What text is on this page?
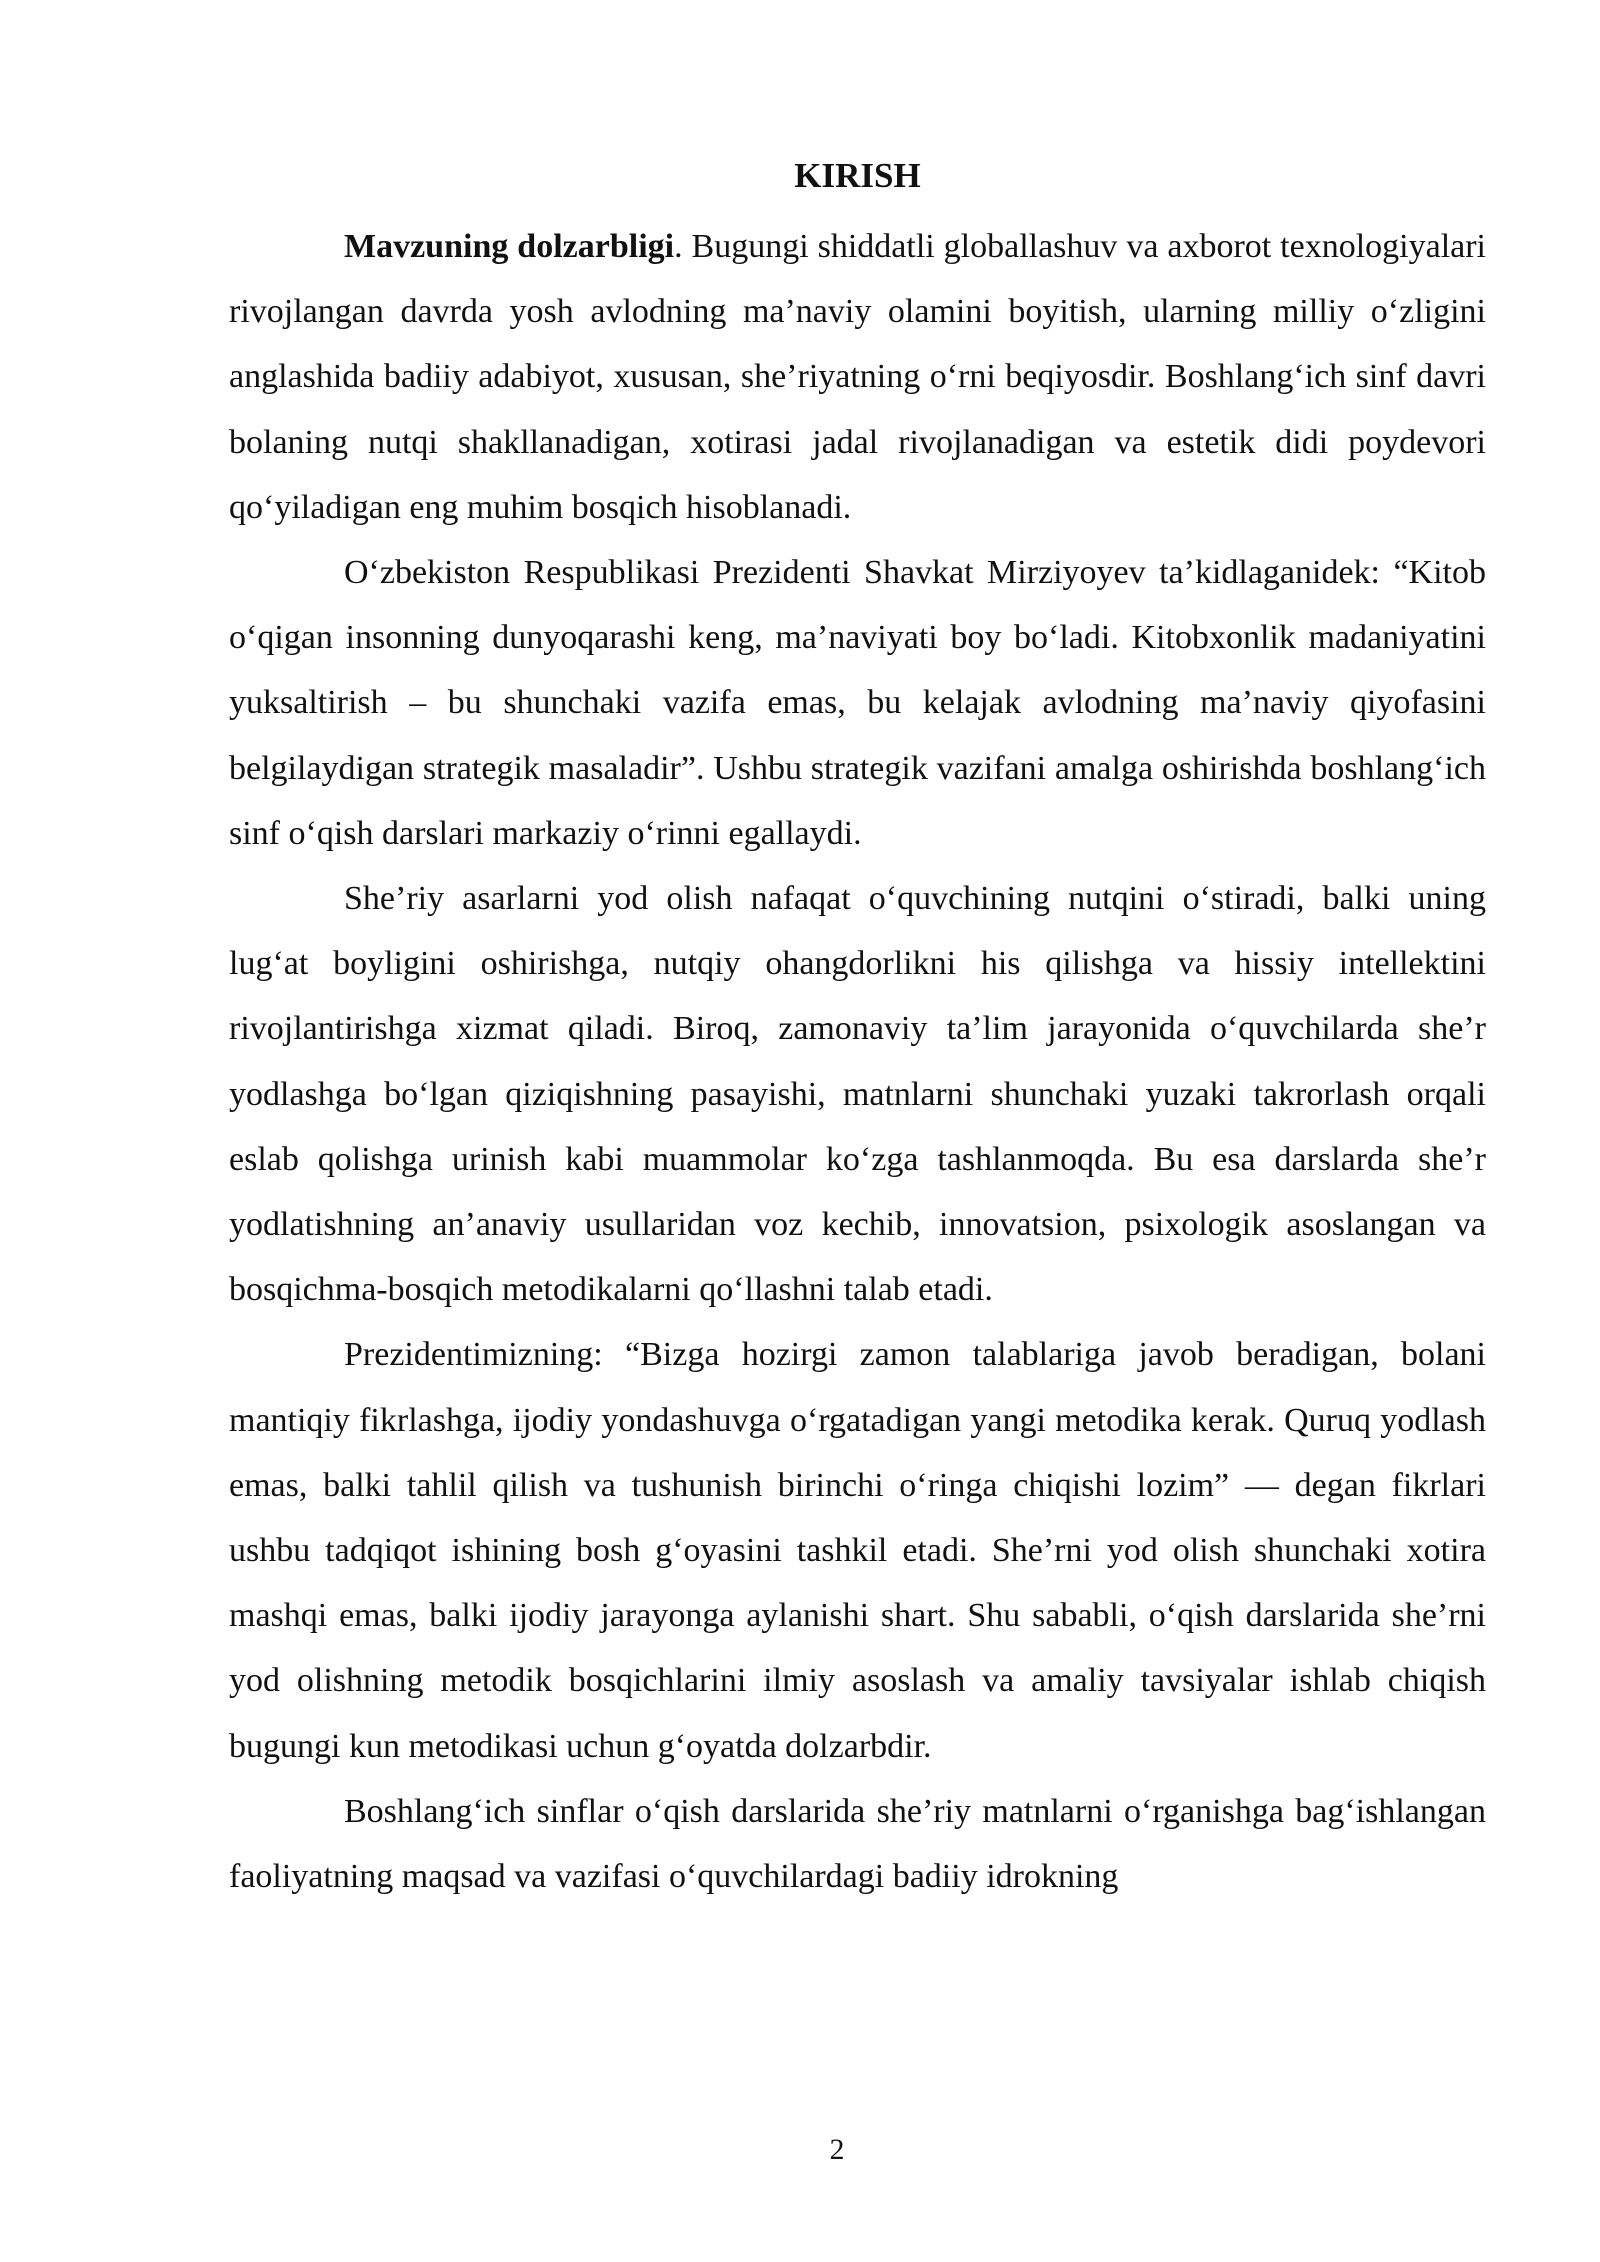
KIRISH

Mavzuning dolzarbligi. Bugungi shiddatli globallashuv va axborot texnologiyalari rivojlangan davrda yosh avlodning ma’naviy olamini boyitish, ularning milliy o‘zligini anglashida badiiy adabiyot, xususan, she’riyatning o‘rni beqiyosdir. Boshlang‘ich sinf davri bolaning nutqi shakllanadigan, xotirasi jadal rivojlanadigan va estetik didi poydevori qo‘yiladigan eng muhim bosqich hisoblanadi.

O‘zbekiston Respublikasi Prezidenti Shavkat Mirziyoyev ta’kidlaganidek: “Kitob o‘qigan insonning dunyoqarashi keng, ma’naviyati boy bo‘ladi. Kitobxonlik madaniyatini yuksaltirish – bu shunchaki vazifa emas, bu kelajak avlodning ma’naviy qiyofasini belgilaydigan strategik masaladir”. Ushbu strategik vazifani amalga oshirishda boshlang‘ich sinf o‘qish darslari markaziy o‘rinni egallaydi.

She’riy asarlarni yod olish nafaqat o‘quvchining nutqini o‘stiradi, balki uning lug‘at boyligini oshirishga, nutqiy ohangdorlikni his qilishga va hissiy intellektini rivojlantirishga xizmat qiladi. Biroq, zamonaviy ta’lim jarayonida o‘quvchilarda she’r yodlashga bo‘lgan qiziqishning pasayishi, matnlarni shunchaki yuzaki takrorlash orqali eslab qolishga urinish kabi muammolar ko‘zga tashlanmoqda. Bu esa darslarda she’r yodlatishning an’anaviy usullaridan voz kechib, innovatsion, psixologik asoslangan va bosqichma-bosqich metodikalarni qo‘llashni talab etadi.

Prezidentimizning: “Bizga hozirgi zamon talablariga javob beradigan, bolani mantiqiy fikrlashga, ijodiy yondashuvga o‘rgatadigan yangi metodika kerak. Quruq yodlash emas, balki tahlil qilish va tushunish birinchi o‘ringa chiqishi lozim” — degan fikrlari ushbu tadqiqot ishining bosh g‘oyasini tashkil etadi. She’rni yod olish shunchaki xotira mashqi emas, balki ijodiy jarayonga aylanishi shart. Shu sababli, o‘qish darslarida she’rni yod olishning metodik bosqichlarini ilmiy asoslash va amaliy tavsiyalar ishlab chiqish bugungi kun metodikasi uchun g‘oyatda dolzarbdir.

Boshlang‘ich sinflar o‘qish darslarida she’riy matnlarni o‘rganishga bag‘ishlangan faoliyatning maqsad va vazifasi o‘quvchilardagi badiiy idrokning

2
